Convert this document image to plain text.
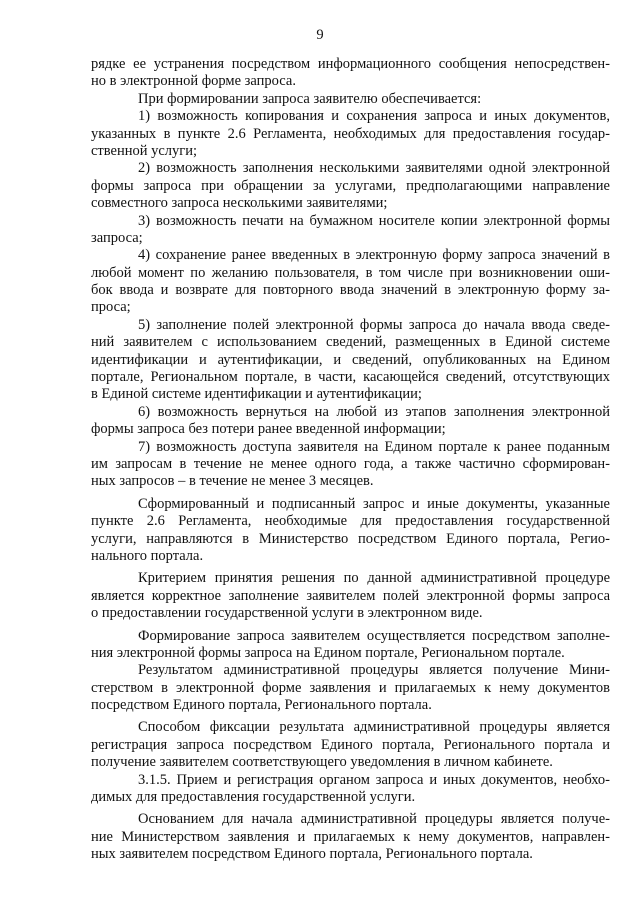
9
рядке ее устранения посредством информационного сообщения непосредствен-
но в электронной форме запроса.
При формировании запроса заявителю обеспечивается:
1) возможность копирования и сохранения запроса и иных документов,
указанных в пункте 2.6 Регламента, необходимых для предоставления государ-
ственной услуги;
2) возможность заполнения несколькими заявителями одной электронной
формы запроса при обращении за услугами, предполагающими направление
совместного запроса несколькими заявителями;
3) возможность печати на бумажном носителе копии электронной формы
запроса;
4) сохранение ранее введенных в электронную форму запроса значений в
любой момент по желанию пользователя, в том числе при возникновении оши-
бок ввода и возврате для повторного ввода значений в электронную форму за-
проса;
5) заполнение полей электронной формы запроса до начала ввода сведе-
ний заявителем с использованием сведений, размещенных в Единой системе
идентификации и аутентификации, и сведений, опубликованных на Едином
портале, Региональном портале, в части, касающейся сведений, отсутствующих
в Единой системе идентификации и аутентификации;
6) возможность вернуться на любой из этапов заполнения электронной
формы запроса без потери ранее введенной информации;
7) возможность доступа заявителя на Едином портале к ранее поданным
им запросам в течение не менее одного года, а также частично сформирован-
ных запросов – в течение не менее 3 месяцев.
Сформированный и подписанный запрос и иные документы, указанные
пункте 2.6 Регламента, необходимые для предоставления государственной
услуги, направляются в Министерство посредством Единого портала, Регио-
нального портала.
Критерием принятия решения по данной административной процедуре
является корректное заполнение заявителем полей электронной формы запроса
о предоставлении государственной услуги в электронном виде.
Формирование запроса заявителем осуществляется посредством заполне-
ния электронной формы запроса на Едином портале, Региональном портале.
Результатом административной процедуры является получение Мини-
стерством в электронной форме заявления и прилагаемых к нему документов
посредством Единого портала, Регионального портала.
Способом фиксации результата административной процедуры является
регистрация запроса посредством Единого портала, Регионального портала и
получение заявителем соответствующего уведомления в личном кабинете.
3.1.5. Прием и регистрация органом запроса и иных документов, необхо-
димых для предоставления государственной услуги.
Основанием для начала административной процедуры является получе-
ние Министерством заявления и прилагаемых к нему документов, направлен-
ных заявителем посредством Единого портала, Регионального портала.
